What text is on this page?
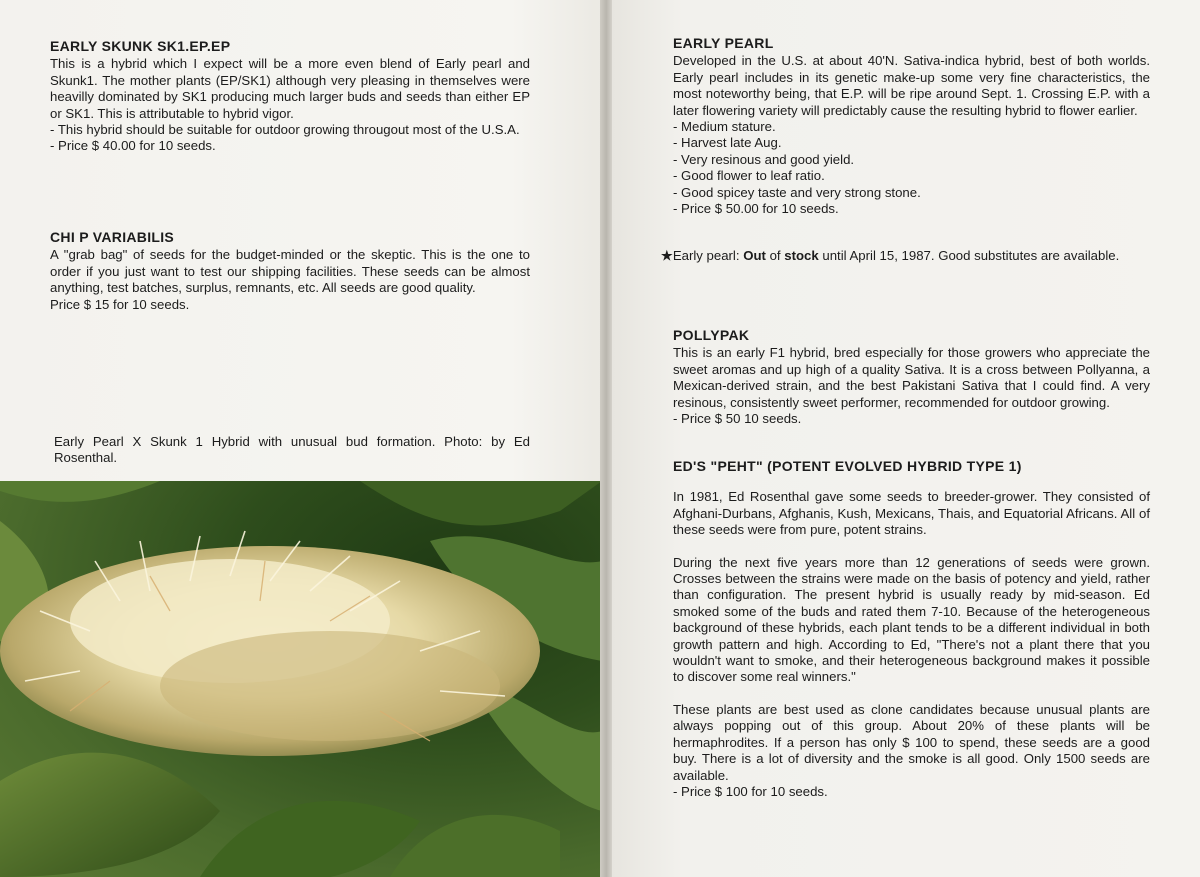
EARLY SKUNK SK1.EP.EP

This is a hybrid which I expect will be a more even blend of Early pearl and Skunk1. The mother plants (EP/SK1) although very pleasing in themselves were heavilly dominated by SK1 producing much larger buds and seeds than either EP or SK1. This is attributable to hybrid vigor.

- This hybrid should be suitable for outdoor growing througout most of the U.S.A.

- Price $ 40.00 for 10 seeds.

CHI P VARIABILIS

A "grab bag" of seeds for the budget-minded or the skeptic. This is the one to order if you just want to test our shipping facilities. These seeds can be almost anything, test batches, surplus, remnants, etc. All seeds are good quality.

Price $ 15 for 10 seeds.

Early Pearl X Skunk 1 Hybrid with unusual bud formation. Photo: by Ed Rosenthal.
EARLY PEARL

Developed in the U.S. at about 40'N. Sativa-indica hybrid, best of both worlds. Early pearl includes in its genetic make-up some very fine characteristics, the most noteworthy being, that E.P. will be ripe around Sept. 1. Crossing E.P. with a later flowering variety will predictably cause the resulting hybrid to flower earlier.

- Medium stature.

- Harvest late Aug.

- Very resinous and good yield.

- Good flower to leaf ratio.

- Good spicey taste and very strong stone.

- Price $ 50.00 for 10 seeds.

★Early pearl: Out of stock until April 15, 1987. Good substitutes are available.

POLLYPAK

This is an early F1 hybrid, bred especially for those growers who appreciate the sweet aromas and up high of a quality Sativa. It is a cross between Pollyanna, a Mexican-derived strain, and the best Pakistani Sativa that I could find. A very resinous, consistently sweet performer, recommended for outdoor growing.

- Price $ 50 10 seeds.

ED'S "PEHT" (POTENT EVOLVED HYBRID TYPE 1)

In 1981, Ed Rosenthal gave some seeds to breeder-grower. They consisted of Afghani-Durbans, Afghanis, Kush, Mexicans, Thais, and Equatorial Africans. All of these seeds were from pure, potent strains.

During the next five years more than 12 generations of seeds were grown. Crosses between the strains were made on the basis of potency and yield, rather than configuration. The present hybrid is usually ready by mid-season. Ed smoked some of the buds and rated them 7-10. Because of the heterogeneous background of these hybrids, each plant tends to be a different individual in both growth pattern and high. According to Ed, "There's not a plant there that you wouldn't want to smoke, and their heterogeneous background makes it possible to discover some real winners."

These plants are best used as clone candidates because unusual plants are always popping out of this group. About 20% of these plants will be hermaphrodites. If a person has only $ 100 to spend, these seeds are a good buy. There is a lot of diversity and the smoke is all good. Only 1500 seeds are available.

- Price $ 100 for 10 seeds.
